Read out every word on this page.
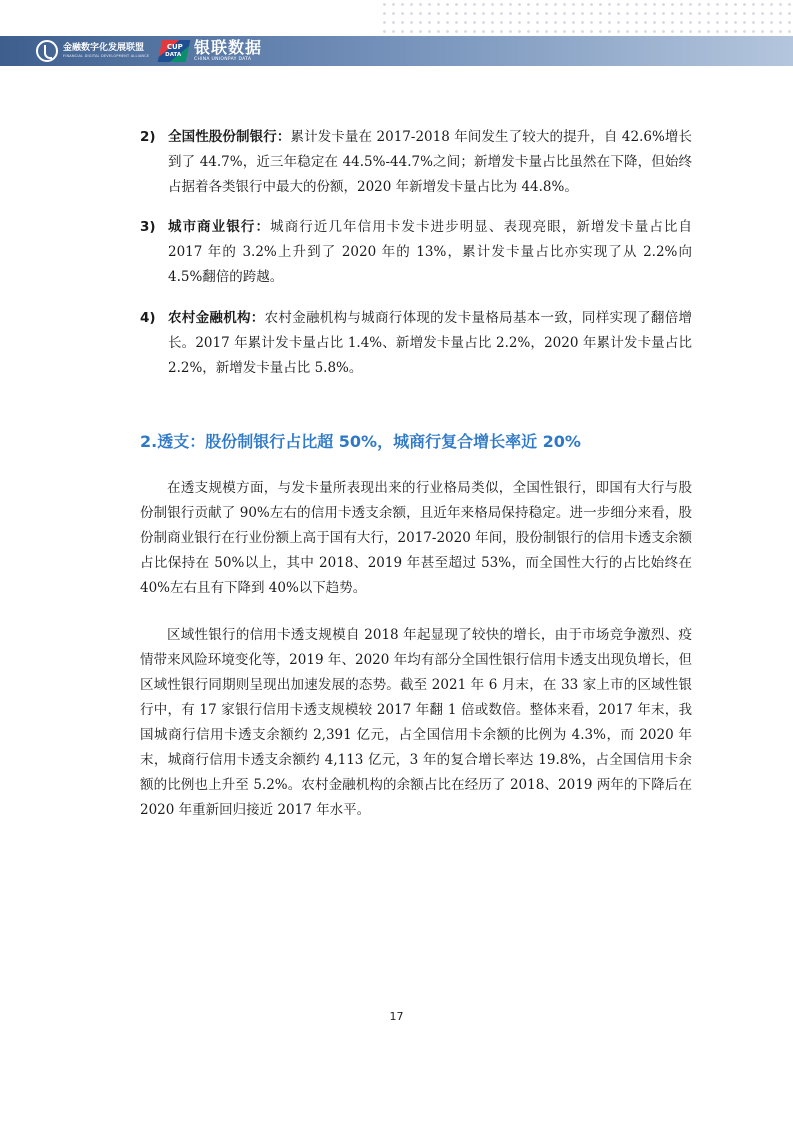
金融数字化发展联盟
FINANCIAL DIGITAL DEVELOPMENT ALLIANCE
CUP
DATA 银联数据
CHINA UNIONPAY DATA
2) 全国性股份制银行：累计发卡量在 2017-2018 年间发生了较大的提升，自 42.6%增长到了 44.7%，近三年稳定在 44.5%-44.7%之间；新增发卡量占比虽然在下降，但始终占据着各类银行中最大的份额，2020 年新增发卡量占比为 44.8%。
3) 城市商业银行：城商行近几年信用卡发卡进步明显、表现亮眼，新增发卡量占比自 2017 年的 3.2%上升到了 2020 年的 13%，累计发卡量占比亦实现了从 2.2%向 4.5%翻倍的跨越。
4) 农村金融机构：农村金融机构与城商行体现的发卡量格局基本一致，同样实现了翻倍增长。2017 年累计发卡量占比 1.4%、新增发卡量占比 2.2%，2020 年累计发卡量占比 2.2%，新增发卡量占比 5.8%。
2.透支：股份制银行占比超 50%，城商行复合增长率近 20%

在透支规模方面，与发卡量所表现出来的行业格局类似，全国性银行，即国有大行与股份制银行贡献了 90%左右的信用卡透支余额，且近年来格局保持稳定。进一步细分来看，股份制商业银行在行业份额上高于国有大行，2017-2020 年间，股份制银行的信用卡透支余额占比保持在 50%以上，其中 2018、2019 年甚至超过 53%，而全国性大行的占比始终在 40%左右且有下降到 40%以下趋势。

区域性银行的信用卡透支规模自 2018 年起显现了较快的增长，由于市场竞争激烈、疫情带来风险环境变化等，2019 年、2020 年均有部分全国性银行信用卡透支出现负增长，但区域性银行同期则呈现出加速发展的态势。截至 2021 年 6 月末，在 33 家上市的区域性银行中，有 17 家银行信用卡透支规模较 2017 年翻 1 倍或数倍。整体来看，2017 年末，我国城商行信用卡透支余额约 2,391 亿元，占全国信用卡余额的比例为 4.3%，而 2020 年末，城商行信用卡透支余额约 4,113 亿元，3 年的复合增长率达 19.8%，占全国信用卡余额的比例也上升至 5.2%。农村金融机构的余额占比在经历了 2018、2019 两年的下降后在 2020 年重新回归接近 2017 年水平。

17
